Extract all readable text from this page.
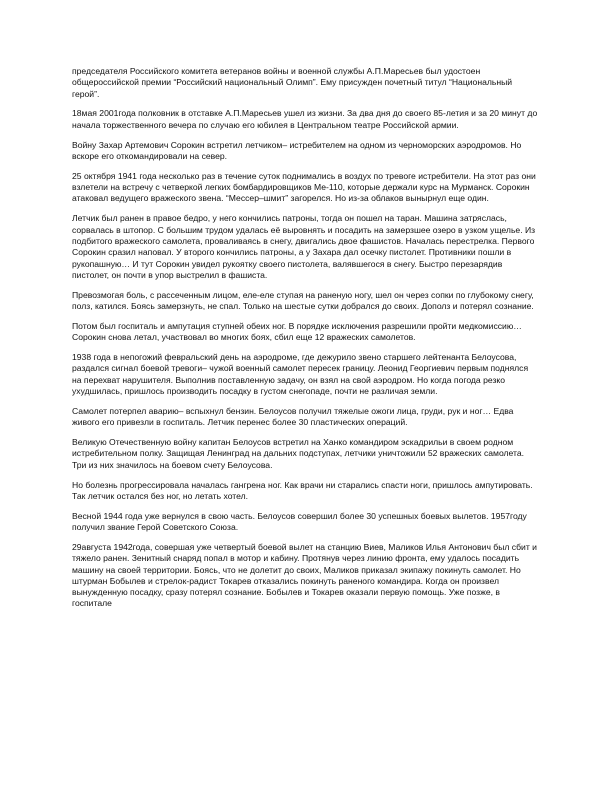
председателя Российского комитета ветеранов войны и военной службы А.П.Маресьев был удостоен общероссийской премии “Российский национальный Олимп”. Ему присужден почетный титул “Национальный герой”.

18мая 2001года полковник в отставке А.П.Маресьев ушел из жизни. За два дня до своего 85-летия и за 20 минут до начала торжественного вечера по случаю его юбилея в Центральном театре Российской армии.

Войну Захар Артемович Сорокин встретил летчиком– истребителем на одном из черноморских аэродромов. Но вскоре его откомандировали на север.

25 октября 1941 года несколько раз в течение суток поднимались в воздух по тревоге истребители. На этот раз они взлетели на встречу с четверкой легких бомбардировщиков Ме-110, которые держали курс на Мурманск. Сорокин атаковал ведущего вражеского звена. “Мессер–шмит” загорелся. Но из-за облаков вынырнул еще один.

Летчик был ранен в правое бедро, у него кончились патроны, тогда он пошел на таран. Машина затряслась, сорвалась в штопор. С большим трудом удалась её выровнять и посадить на замерзшее озеро в узком ущелье. Из подбитого вражеского самолета, проваливаясь в снегу, двигались двое фашистов. Началась перестрелка. Первого Сорокин сразил наповал. У второго кончились патроны, а у Захара дал осечку пистолет. Противники пошли в рукопашную… И тут Сорокин увидел рукоятку своего пистолета, валявшегося в снегу. Быстро перезарядив пистолет, он почти в упор выстрелил в фашиста.

Превозмогая боль, с рассеченным лицом, еле-еле ступая на раненую ногу, шел он через сопки по глубокому снегу, полз, катился. Боясь замерзнуть, не спал. Только на шестые сутки добрался до своих. Дополз и потерял сознание.

Потом был госпиталь и ампутация ступней обеих ног. В порядке исключения разрешили пройти медкомиссию…Сорокин снова летал, участвовал во многих боях, сбил еще 12 вражеских самолетов.

1938 года в непогожий февральский день на аэродроме, где дежурило звено старшего лейтенанта Белоусова, раздался сигнал боевой тревоги– чужой военный самолет пересек границу. Леонид Георгиевич первым поднялся на перехват нарушителя. Выполнив поставленную задачу, он взял на свой аэродром. Но когда погода резко ухудшилась, пришлось производить посадку в густом снегопаде, почти не различая земли.

Самолет потерпел аварию– вспыхнул бензин. Белоусов получил тяжелые ожоги лица, груди, рук и ног… Едва живого его привезли в госпиталь. Летчик перенес более 30 пластических операций.

Великую Отечественную войну капитан Белоусов встретил на Ханко командиром эскадрильи в своем родном истребительном полку. Защищая Ленинград на дальних подступах, летчики уничтожили 52 вражеских самолета. Три из них значилось на боевом счету Белоусова.

Но болезнь прогрессировала началась гангрена ног. Как врачи ни старались спасти ноги, пришлось ампутировать. Так летчик остался без ног, но летать хотел.

Весной 1944 года уже вернулся в свою часть. Белоусов совершил более 30 успешных боевых вылетов. 1957году получил звание Герой Советского Союза.

29августа 1942года, совершая уже четвертый боевой вылет на станцию Виев, Маликов Илья Антонович был сбит и тяжело ранен. Зенитный снаряд попал в мотор и кабину. Протянув через линию фронта, ему удалось посадить машину на своей территории. Боясь, что не долетит до своих, Маликов приказал экипажу покинуть самолет. Но штурман Бобылев и стрелок-радист Токарев отказались покинуть раненого командира. Когда он произвел вынужденную посадку, сразу потерял сознание. Бобылев и Токарев оказали первую помощь. Уже позже, в госпитале
